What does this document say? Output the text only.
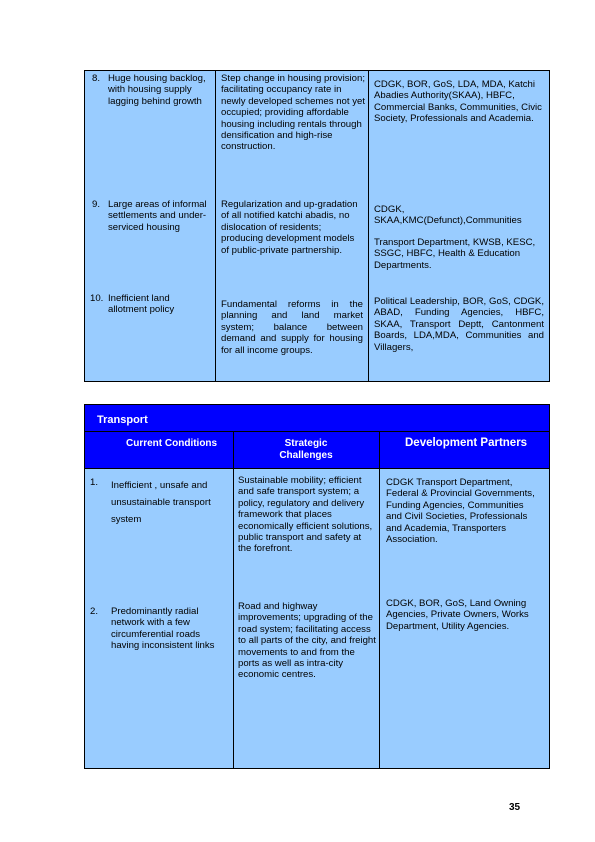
8. Huge housing backlog, with housing supply lagging behind growth
Step change in housing provision; facilitating occupancy rate in newly developed schemes not yet occupied; providing affordable housing including rentals through densification and high-rise construction.
CDGK, BOR, GoS, LDA, MDA, Katchi Abadies Authority(SKAA), HBFC, Commercial Banks, Communities, Civic Society, Professionals and Academia.
9. Large areas of informal settlements and under-serviced housing
Regularization and up-gradation of all notified katchi abadis, no dislocation of residents; producing development models of public-private partnership.
CDGK, SKAA,KMC(Defunct),Communities
Transport Department, KWSB, KESC, SSGC, HBFC, Health & Education Departments.
10. Inefficient land allotment policy	Fundamental reforms in the planning and land market system; balance between demand and supply for housing for all income groups.
Political Leadership, BOR, GoS, CDGK, ABAD, Funding Agencies, HBFC, SKAA, Transport Deptt, Cantonment Boards, LDA,MDA, Communities and Villagers,
Transport
Current Conditions	Strategic Challenges
Development Partners
1. Inefficient , unsafe and unsustainable transport system
Sustainable mobility; efficient and safe transport system; a policy, regulatory and delivery framework that places economically efficient solutions, public transport and safety at the forefront.
CDGK Transport Department, Federal & Provincial Governments, Funding Agencies, Communities and Civil Societies, Professionals and Academia, Transporters Association.
2. Predominantly radial network with a few circumferential roads having inconsistent links
Road and highway improvements; upgrading of the road system; facilitating access to all parts of the city, and freight movements to and from the ports as well as intra-city economic centres.
CDGK, BOR, GoS, Land Owning Agencies, Private Owners, Works Department, Utility Agencies.
35
